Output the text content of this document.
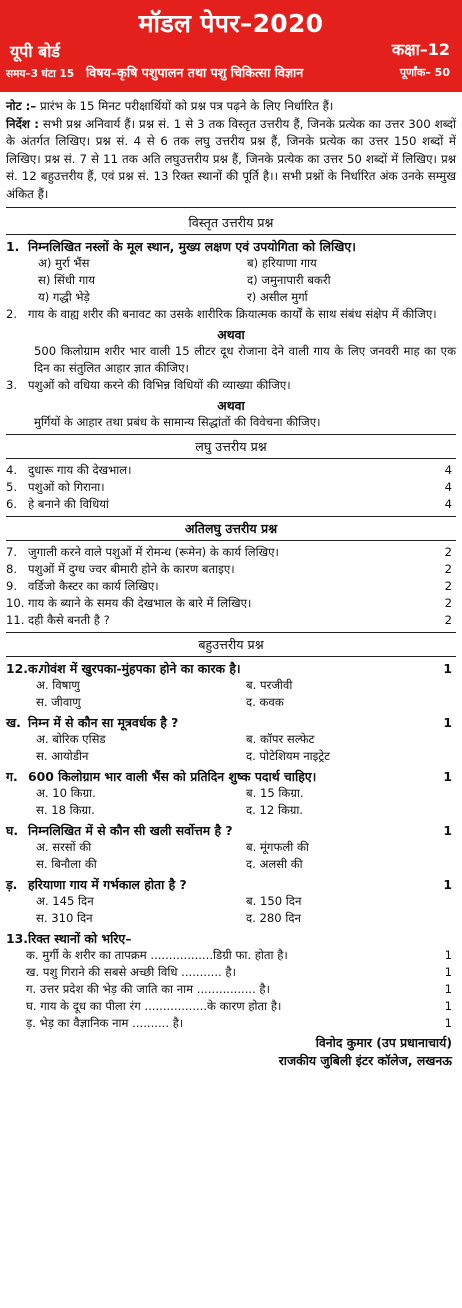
मॉडल पेपर–2020
यूपी बोर्ड	कक्षा–12
समय–3 घंटा 15 विषय–कृषि पशुपालन तथा पशु चिकित्सा विज्ञान	पूर्णांक– 50

नोट :– प्रारंभ के 15 मिनट परीक्षार्थियों को प्रश्न पत्र पढ़ने के लिए निर्धारित हैं।
निर्देश : सभी प्रश्न अनिवार्य हैं। प्रश्न सं. 1 से 3 तक विस्तृत उत्तरीय हैं, जिनके प्रत्येक का उत्तर 300 शब्दों के अंतर्गत लिखिए। प्रश्न सं. 4 से 6 तक लघु उत्तरीय प्रश्न हैं, जिनके प्रत्येक का उत्तर 150 शब्दों में लिखिए। प्रश्न सं. 7 से 11 तक अति लघुउत्तरीय प्रश्न हैं, जिनके प्रत्येक का उत्तर 50 शब्दों में लिखिए। प्रश्न सं. 12 बहुउत्तरीय हैं, एवं प्रश्न सं. 13 रिक्त स्थानों की पूर्ति है।। सभी प्रश्नों के निर्धारित अंक उनके सम्मुख अंकित हैं।

विस्तृत उत्तरीय प्रश्न
1. निम्नलिखित नस्लों के मूल स्थान, मुख्य लक्षण एवं उपयोगिता को लिखिए।
अ) मुर्रा भैंस	ब) हरियाणा गाय
स) सिंधी गाय	द) जमुनापारी बकरी
य) गद्धी भेड़े	र) असील मुर्गा
2. गाय के वाह्य शरीर की बनावट का उसके शारीरिक क्रियात्मक कार्यों के साथ संबंध संक्षेप में कीजिए।
अथवा

500 किलोग्राम शरीर भार वाली 15 लीटर दूध रोजाना देने वाली गाय के लिए जनवरी माह का एक दिन का संतुलित आहार ज्ञात कीजिए।

3. पशुओं को वधिया करने की विभिन्न विधियों की व्याख्या कीजिए।
अथवा

मुर्गियों के आहार तथा प्रबंध के सामान्य सिद्धांतों की विवेचना कीजिए।

लघु उत्तरीय प्रश्न
4. दुधारू गाय की देखभाल।	4
5. पशुओं को गिराना।	4
6. हे बनाने की विधियां	4
अतिलघु उत्तरीय प्रश्न
7. जुगाली करने वाले पशुओं में रोमन्ध (रूमेन) के कार्य लिखिए।	2
8. पशुओं में दुग्ध ज्वर बीमारी होने के कारण बताइए।	2
9. वर्डिजो कैस्टर का कार्य लिखिए।	2
10. गाय के ब्याने के समय की देखभाल के बारे में लिखिए।	2
11. दही कैसे बनती है ?	2
बहुउत्तरीय प्रश्न
12.क.
गोवंश में खुरपका-मुंहपका होने का कारक है।	1
अ. विषाणु	ब. परजीवी
स. जीवाणु	द. कवक
ख. निम्न में से कौन सा मूत्रवर्धक है ?	1
अ. बोरिक एसिड	ब. कॉपर सल्फेट
स. आयोडीन	द. पोटेशियम नाइट्रेट
ग. 600 किलोग्राम भार वाली भैंस को प्रतिदिन शुष्क पदार्थ चाहिए।	1
अ. 10 किग्रा.	ब. 15 किग्रा.
स. 18 किग्रा.	द. 12 किग्रा.
घ. निम्नलिखित में से कौन सी खली सर्वोत्तम है ?	1
अ. सरसों की	ब. मूंगफली की
स. बिनौला की	द. अलसी की
ड़. हरियाणा गाय में गर्भकाल होता है ?	1
अ. 145 दिन	ब. 150 दिन
स. 310 दिन	द. 280 दिन
13. रिक्त स्थानों को भरिए–
क. मुर्गी के शरीर का तापक्रम .................डिग्री फा. होता है।	1
ख. पशु गिराने की सबसे अच्छी विधि ........... है।	1
ग. उत्तर प्रदेश की भेड़ की जाति का नाम ................ है।	1
घ. गाय के दूध का पीला रंग .................के कारण होता है।	1
ड़. भेड़ का वैज्ञानिक नाम .......... है।	1
विनोद कुमार (उप प्रधानाचार्य)
राजकीय जुबिली इंटर कॉलेज, लखनऊ
